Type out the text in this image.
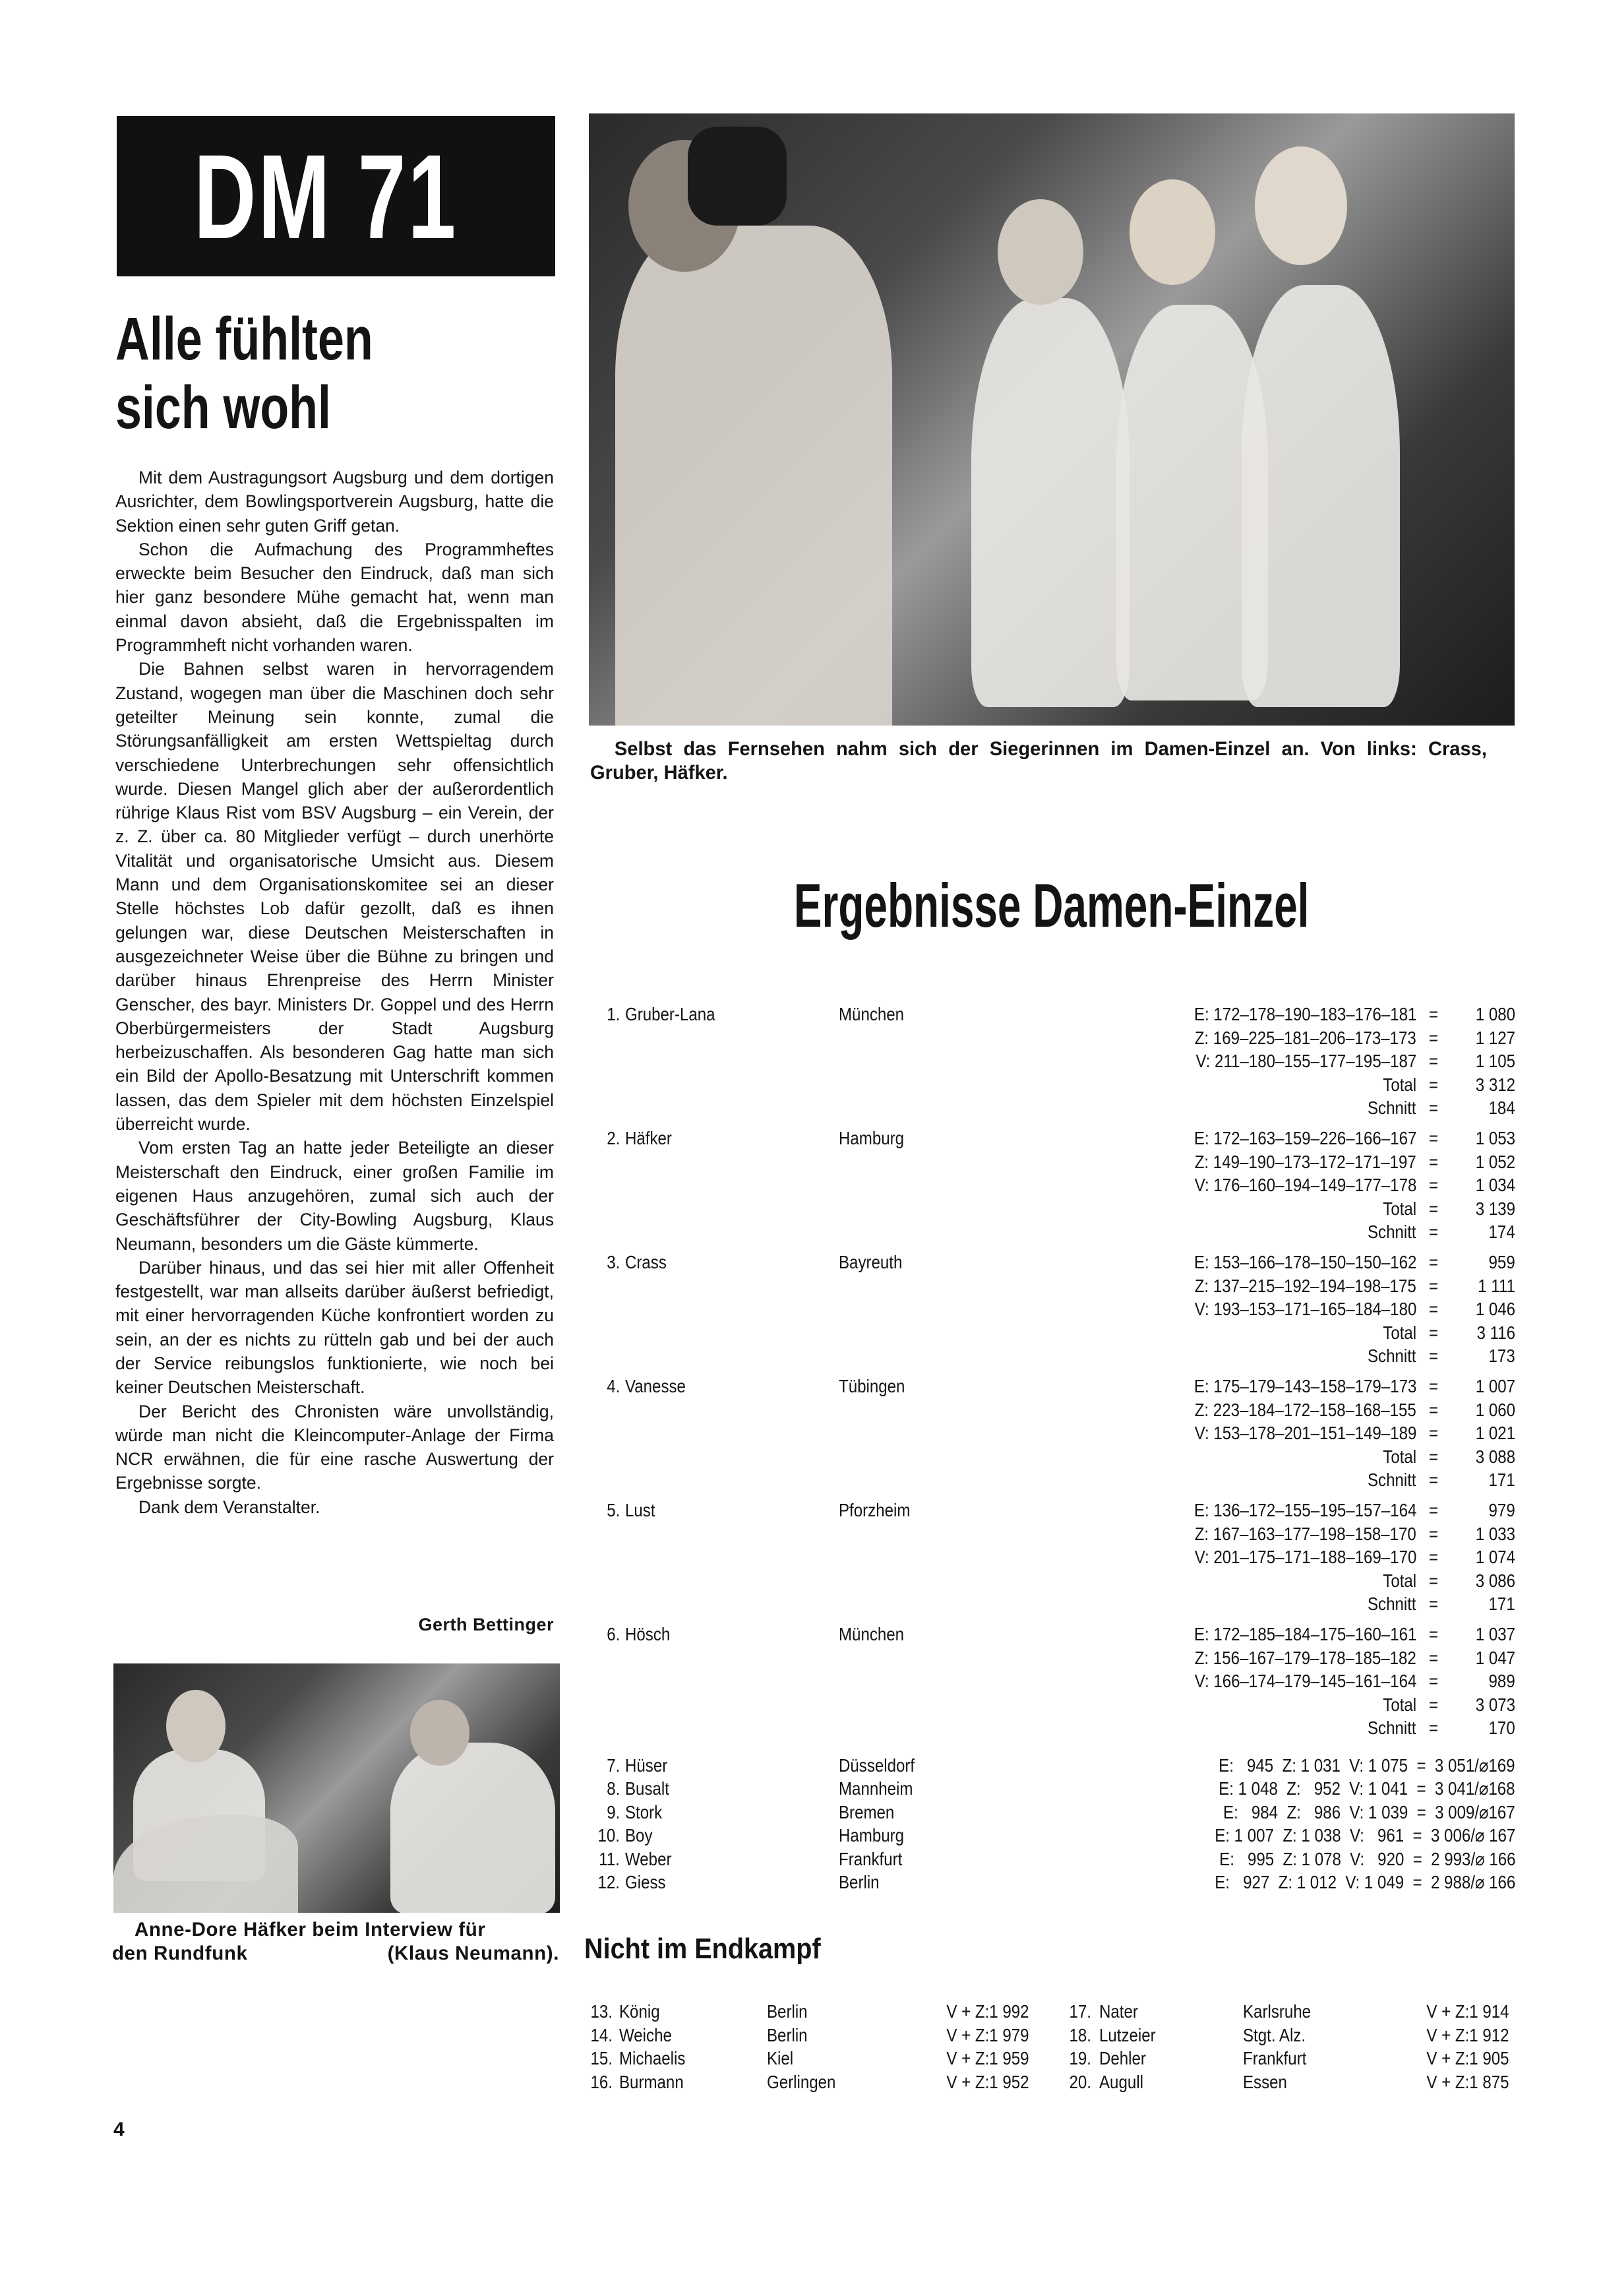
DM 71
Alle fühlten
sich wohl

Mit dem Austragungsort Augsburg und dem dortigen Ausrichter, dem Bowlingsportverein Augsburg, hatte die Sektion einen sehr guten Griff getan.

Schon die Aufmachung des Programmheftes erweckte beim Besucher den Eindruck, daß man sich hier ganz besondere Mühe gemacht hat, wenn man einmal davon absieht, daß die Ergebnisspalten im Programmheft nicht vorhanden waren.

Die Bahnen selbst waren in hervorragendem Zustand, wogegen man über die Maschinen doch sehr geteilter Meinung sein konnte, zumal die Störungsanfälligkeit am ersten Wettspieltag durch verschiedene Unterbrechungen sehr offensichtlich wurde. Diesen Mangel glich aber der außerordentlich rührige Klaus Rist vom BSV Augsburg – ein Verein, der z. Z. über ca. 80 Mitglieder verfügt – durch unerhörte Vitalität und organisatorische Umsicht aus. Diesem Mann und dem Organisationskomitee sei an dieser Stelle höchstes Lob dafür gezollt, daß es ihnen gelungen war, diese Deutschen Meisterschaften in ausgezeichneter Weise über die Bühne zu bringen und darüber hinaus Ehrenpreise des Herrn Minister Genscher, des bayr. Ministers Dr. Goppel und des Herrn Oberbürgermeisters der Stadt Augsburg herbeizuschaffen. Als besonderen Gag hatte man sich ein Bild der Apollo-Besatzung mit Unterschrift kommen lassen, das dem Spieler mit dem höchsten Einzelspiel überreicht wurde.

Vom ersten Tag an hatte jeder Beteiligte an dieser Meisterschaft den Eindruck, einer großen Familie im eigenen Haus anzugehören, zumal sich auch der Geschäftsführer der City-Bowling Augsburg, Klaus Neumann, besonders um die Gäste kümmerte.

Darüber hinaus, und das sei hier mit aller Offenheit festgestellt, war man allseits darüber äußerst befriedigt, mit einer hervorragenden Küche konfrontiert worden zu sein, an der es nichts zu rütteln gab und bei der auch der Service reibungslos funktionierte, wie noch bei keiner Deutschen Meisterschaft.

Der Bericht des Chronisten wäre unvollständig, würde man nicht die Kleincomputer-Anlage der Firma NCR erwähnen, die für eine rasche Auswertung der Ergebnisse sorgte.

Dank dem Veranstalter.

Gerth Bettinger
Anne-Dore Häfker beim Interview für
den Rundfunk	(Klaus Neumann).
4
Selbst das Fernsehen nahm sich der Siegerinnen im Damen-Einzel an. Von links: Crass, Gruber, Häfker.
Ergebnisse Damen-Einzel
1. Gruber-Lana	München	E: 172–178–190–183–176–181 =	1 080
Z: 169–225–181–206–173–173 =	1 127
V: 211–180–155–177–195–187 =	1 105
Total =	3 312
Schnitt =	184
2. Häfker	Hamburg	E: 172–163–159–226–166–167 =	1 053
Z: 149–190–173–172–171–197 =	1 052
V: 176–160–194–149–177–178 =	1 034
Total =	3 139
Schnitt =	174
3. Crass	Bayreuth	E: 153–166–178–150–150–162 =	959
Z: 137–215–192–194–198–175 =	1 111
V: 193–153–171–165–184–180 =	1 046
Total =	3 116
Schnitt =	173
4. Vanesse	Tübingen	E: 175–179–143–158–179–173 =	1 007
Z: 223–184–172–158–168–155 =	1 060
V: 153–178–201–151–149–189 =	1 021
Total =	3 088
Schnitt =	171
5. Lust	Pforzheim	E: 136–172–155–195–157–164 =	979
Z: 167–163–177–198–158–170 =	1 033
V: 201–175–171–188–169–170 =	1 074
Total =	3 086
Schnitt =	171
6. Hösch	München	E: 172–185–184–175–160–161 =	1 037
Z: 156–167–179–178–185–182 =	1 047
V: 166–174–179–145–161–164 =	989
Total =	3 073
Schnitt =	170
7. Hüser	Düsseldorf	E:   945  Z: 1 031  V: 1 075  =  3 051/⌀169
8. Busalt	Mannheim	E: 1 048  Z:   952  V: 1 041  =  3 041/⌀168
9. Stork	Bremen	E:   984  Z:   986  V: 1 039  =  3 009/⌀167
10. Boy	Hamburg	E: 1 007  Z: 1 038  V:   961  =  3 006/⌀ 167
11. Weber	Frankfurt	E:   995  Z: 1 078  V:   920  =  2 993/⌀ 166
12. Giess	Berlin	E:   927  Z: 1 012  V: 1 049  =  2 988/⌀ 166
Nicht im Endkampf
13. König	Berlin	V + Z:1 992	17. Nater	Karlsruhe	V + Z:1 914
14. Weiche	Berlin	V + Z:1 979	18. Lutzeier	Stgt. Alz.	V + Z:1 912
15. Michaelis	Kiel	V + Z:1 959	19. Dehler	Frankfurt	V + Z:1 905
16. Burmann	Gerlingen	V + Z:1 952	20. Augull	Essen	V + Z:1 875
